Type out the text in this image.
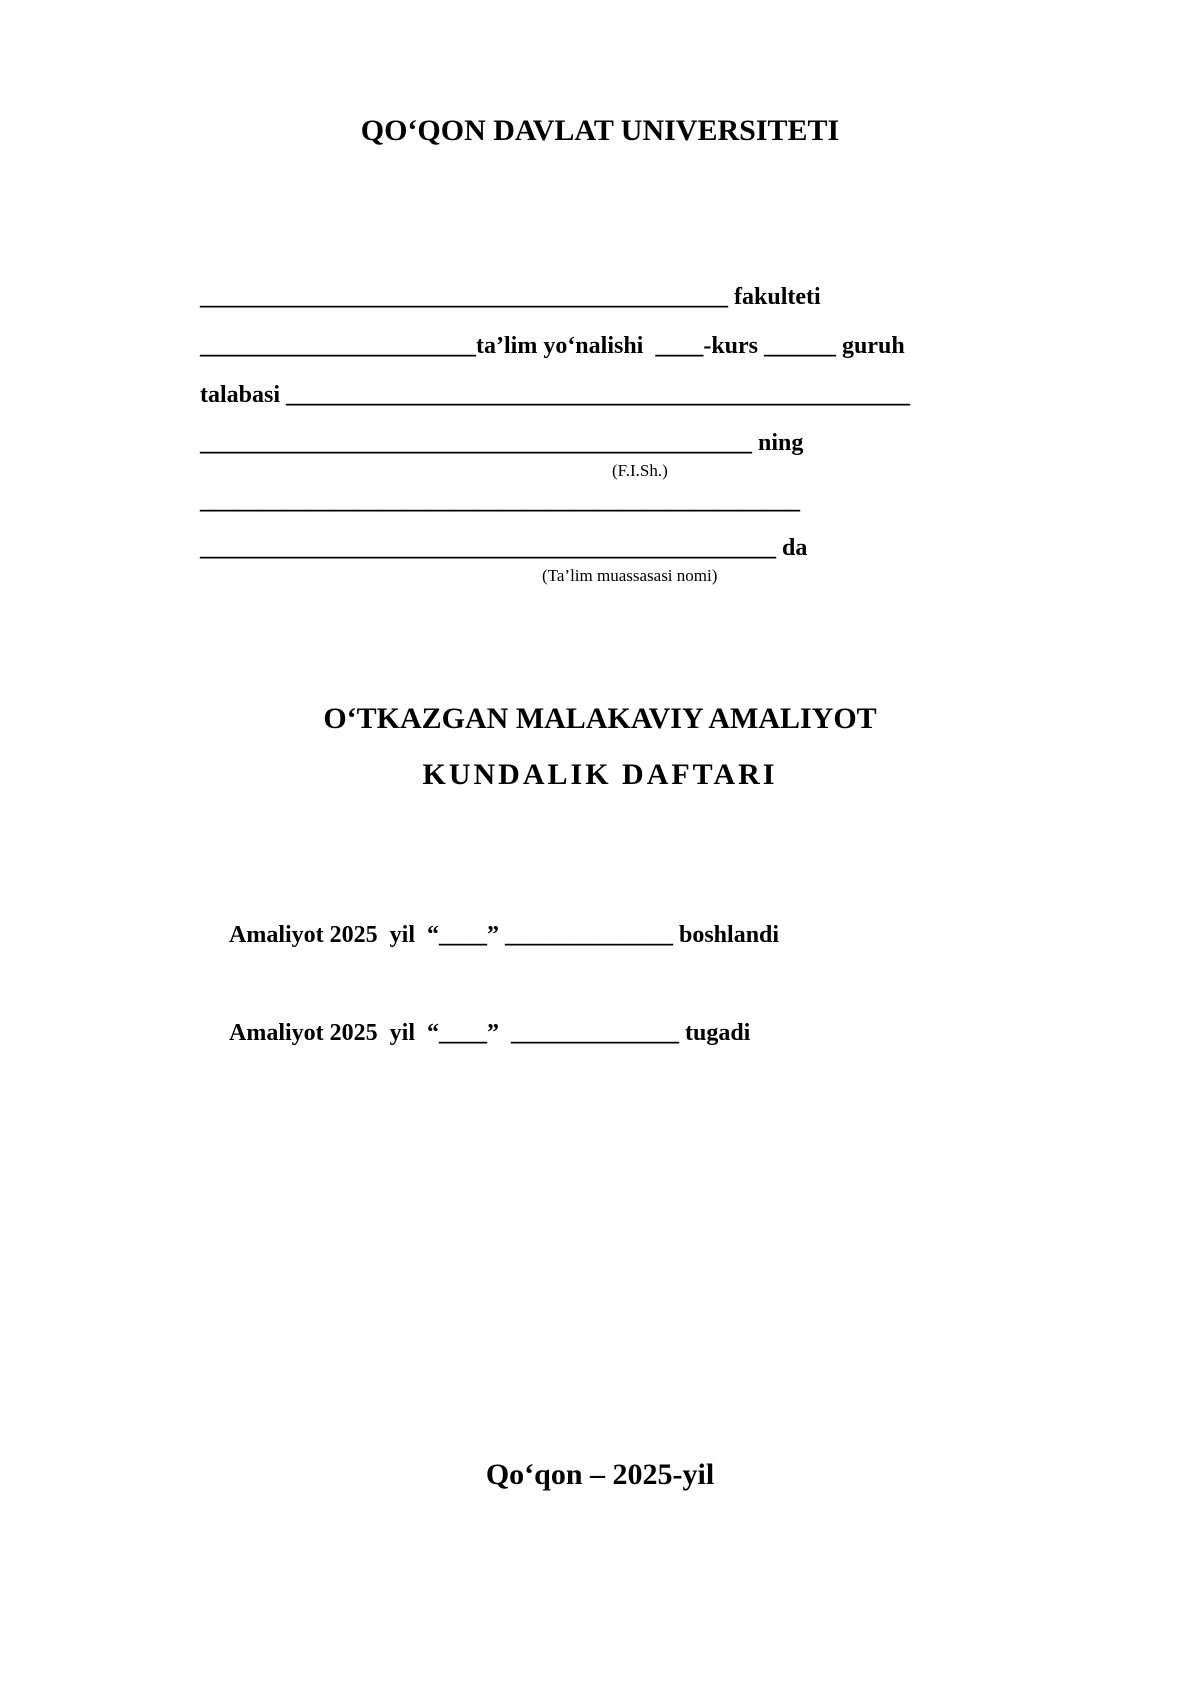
QO‘QON DAVLAT UNIVERSITETI
____________________________________________ fakulteti
_______________________ta’lim yo‘nalishi  ____-kurs ______ guruh
talabasi ____________________________________________________
______________________________________________ ning
(F.I.Sh.)
__________________________________________________
________________________________________________ da
(Ta’lim muassasasi nomi)
O‘TKAZGAN MALAKAVIY AMALIYOT
KUNDALIK DAFTARI
Amaliyot 2025  yil  “____” ______________ boshlandi
Amaliyot 2025  yil  “____”  ______________ tugadi
Qo‘qon – 2025-yil
